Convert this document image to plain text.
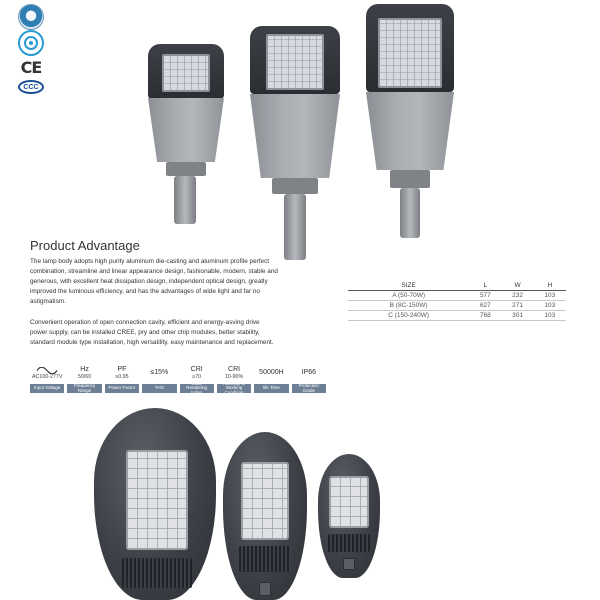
CE
CCC
Product Advantage

The lamp body adopts high purity aluminum die-casting and aluminum profile perfect combination, streamline and linear appearance design, fashionable, modern, stable and generous, with excellent heat dissipation design, independent optical design, greatly improved the luminous efficiency, and has the advantages of wide light and far no astigmatism.

Convenient operation of open connection cavity, efficient and energy-asving drive power supply, can be installed CREE, pry and other chip modules, better stability, standard module type installation, high versatility, easy maintenance and replacement.

SIZE	L	W	H
A (50-70W)	577	232	103
B (8C-150W)	627	271	103
C (150-240W)	768	301	103
AC100-277V
Input Voltage
Hz
50/60
Frequency Range
PF
≥0.95
Power Factor
≤15%
THD
CRI
≥70
Color Rendering Index
CRI
10-90%
Humidity of Working Condition
50000H
life Time
IP66
Protection Grade
